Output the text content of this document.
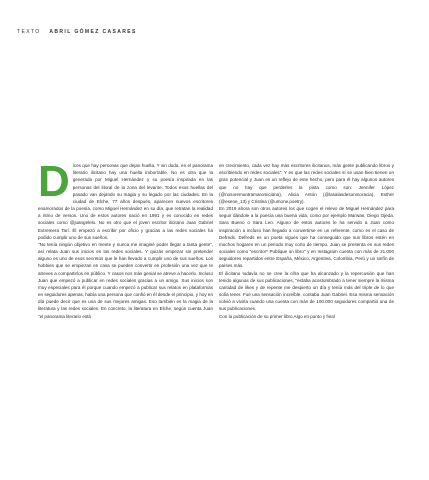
TEXTO ABRIL GÓMEZ CASARES
D ices que hay personas que dejan huella. Y sin duda, en el panorama literario ilicitano hay una huella imborrable. No es otra que la generada por Miguel Hernández y su poesía inspirada en las personas del litoral de la zona del levante. Todos esos huellas del pasado van dejando su magia y su legado por las ciudades. En la ciudad de Elche, 77 años después, aparecen nuevos escritores enamorados de la poesía, como Miguel Hernández en su día, que retratan la realidad a ritmo de versos. Uno de estos autores nació en 1991 y es conocido en redes sociales como @juangelelo. No es otro que el joven escritor ilicitano Juan Gabriel Extremera Tarí. Él empezó a escribir por oficio y gracias a las redes sociales ha podido cumplir uno de sus sueños.

"No tenía ningún objetivo en mente y nunca me imaginé poder llegar a tanta gente", así relata Juan sus inicios en las redes sociales. Y quizás empezar sin pretender alguno es uno de esos secretos que le han llevado a cumplir uno de sus sueños. Los hobbies que se empiezan en casa se pueden convertir en profesión una vez que te atreves a compartirlos en público. Y casos nos más genial se atreve a hacerlo. Incluso Juan que empezó a publicar en redes sociales gracias a un amigo. Sus inicios son muy especiales para él porque cuando empezó a publicar sus relatos en plataformas en seguidores apenas, había una persona que confió en él desde el principio, y hoy en día puede decir que es una de sus mejores amigas. Eso también es la magia de la literatura y las redes sociales. En concreto, la literatura en Elche, según cuenta Juan "el panorama literario está

en crecimiento, cada vez hay más escritores ilicitanos, más gente publicando libros y escribiendo en redes sociales". Y es que las redes sociales sí se usan bien tienen un gran potencial y Juan es un reflejo de este hecho, pero para él hay algunos autores que no hay que perderles la pista como son: Jennifer López (@nosoremuntramaromiciana), Alicia Antón (@lasalasdesonmoracia), Esther (@esene_13) y Cristina (@umone.poetry).

En 2019 ahora son otros autores los que cogen el relevo de Miguel Hernández para seguir dándole a la poesía una buena vida, como por ejemplo Marwan, Diego Ojeda, Sara Bueno o Sara Leo. Alguno de estos autores le ha servido a Juan como inspiración a incluso han llegado a convertirse en un referente, como es el caso de Defreds. Defreds es un poeta vigués que ha conseguido que sus libros estén en muchos hogares en un periodo muy corto de tiempo. Juan se presenta en sus redes sociales como "escritor* Publique un libro" y en Instagram cuenta con más de 21.000 seguidores repartidos entre España, México, Argentina, Colombia, Perú y un sinfín de países más.

El ilicitano todavía no se cree la cifra que ha alcanzado y la repercusión que han tenido algunas de sus publicaciones, "estaba acostumbrado a tener siempre la misma cantidad de likes y de repente me despierto un día y tenía más del triple de lo que solía tener. Fue una sensación increíble, contaba Juan Gabriel. Esa misma sensación volvió a vivirla cuando una cuenta con más de 100.000 seguidores compartió una de sus publicaciones.

Con la publicación de su primer libro Algo en punto y final
